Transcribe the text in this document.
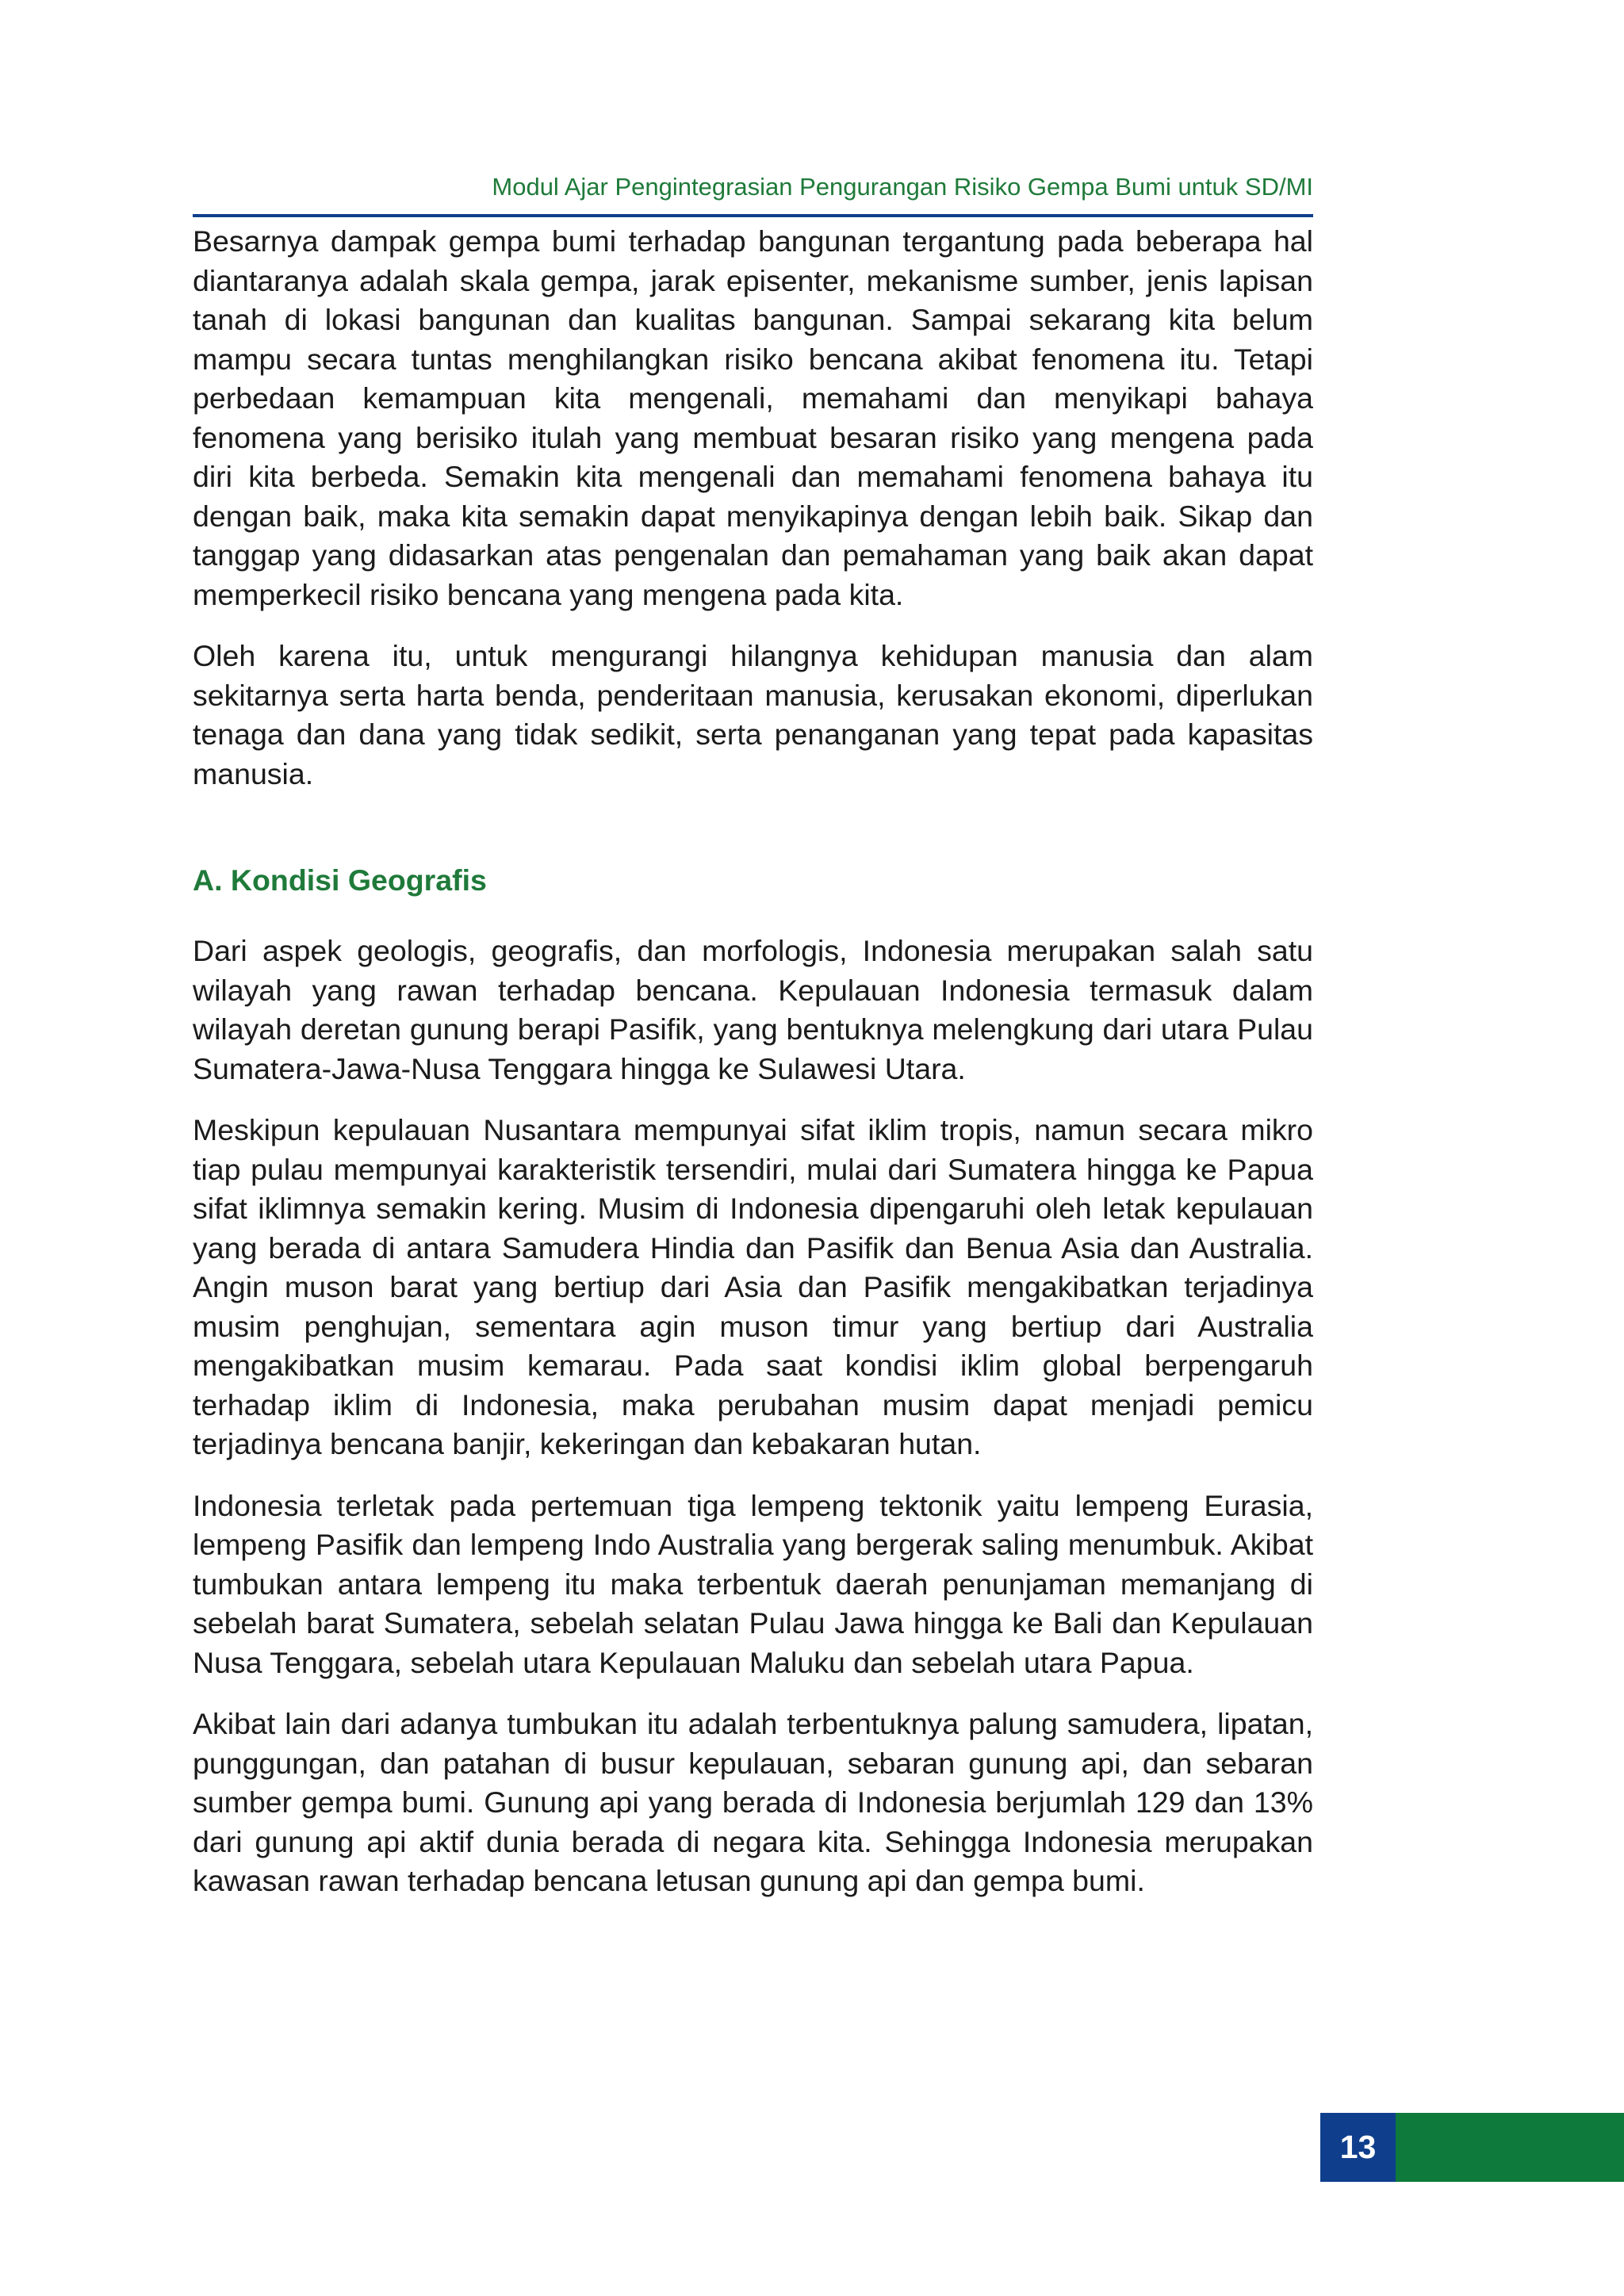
Modul Ajar Pengintegrasian Pengurangan Risiko Gempa Bumi untuk SD/MI

Besarnya dampak gempa bumi terhadap bangunan tergantung pada beberapa hal diantaranya adalah skala gempa, jarak episenter, mekanisme sumber, jenis lapisan tanah di lokasi bangunan dan kualitas bangunan. Sampai sekarang kita belum mampu secara tuntas menghilangkan risiko bencana akibat fenomena itu. Tetapi perbedaan kemampuan kita mengenali, memahami dan menyikapi bahaya fenomena yang berisiko itulah yang membuat besaran risiko yang mengena pada diri kita berbeda. Semakin kita mengenali dan memahami fenomena bahaya itu dengan baik, maka kita semakin dapat menyikapinya dengan lebih baik. Sikap dan tanggap yang didasarkan atas pengenalan dan pemahaman yang baik akan dapat memperkecil risiko bencana yang mengena pada kita.

Oleh karena itu, untuk mengurangi hilangnya kehidupan manusia dan alam sekitarnya serta harta benda, penderitaan manusia, kerusakan ekonomi, diperlukan tenaga dan dana yang tidak sedikit, serta penanganan yang tepat pada kapasitas manusia.

A. Kondisi Geografis

Dari aspek geologis, geografis, dan morfologis, Indonesia merupakan salah satu wilayah yang rawan terhadap bencana. Kepulauan Indonesia termasuk dalam wilayah deretan gunung berapi Pasifik, yang bentuknya melengkung dari utara Pulau Sumatera-Jawa-Nusa Tenggara hingga ke Sulawesi Utara.

Meskipun kepulauan Nusantara mempunyai sifat iklim tropis, namun secara mikro tiap pulau mempunyai karakteristik tersendiri, mulai dari Sumatera hingga ke Papua sifat iklimnya semakin kering. Musim di Indonesia dipengaruhi oleh letak kepulauan yang berada di antara Samudera Hindia dan Pasifik dan Benua Asia dan Australia. Angin muson barat yang bertiup dari Asia dan Pasifik mengakibatkan terjadinya musim penghujan, sementara agin muson timur yang bertiup dari Australia mengakibatkan musim kemarau. Pada saat kondisi iklim global berpengaruh terhadap iklim di Indonesia, maka perubahan musim dapat menjadi pemicu terjadinya bencana banjir, kekeringan dan kebakaran hutan.

Indonesia terletak pada pertemuan tiga lempeng tektonik yaitu lempeng Eurasia, lempeng Pasifik dan lempeng Indo Australia yang bergerak saling menumbuk. Akibat tumbukan antara lempeng itu maka terbentuk daerah penunjaman memanjang di sebelah barat Sumatera, sebelah selatan Pulau Jawa hingga ke Bali dan Kepulauan Nusa Tenggara, sebelah utara Kepulauan Maluku dan sebelah utara Papua.

Akibat lain dari adanya tumbukan itu adalah terbentuknya palung samudera, lipatan, punggungan, dan patahan di busur kepulauan, sebaran gunung api, dan sebaran sumber gempa bumi. Gunung api yang berada di Indonesia berjumlah 129 dan 13% dari gunung api aktif dunia berada di negara kita. Sehingga Indonesia merupakan kawasan rawan terhadap bencana letusan gunung api dan gempa bumi.

13
